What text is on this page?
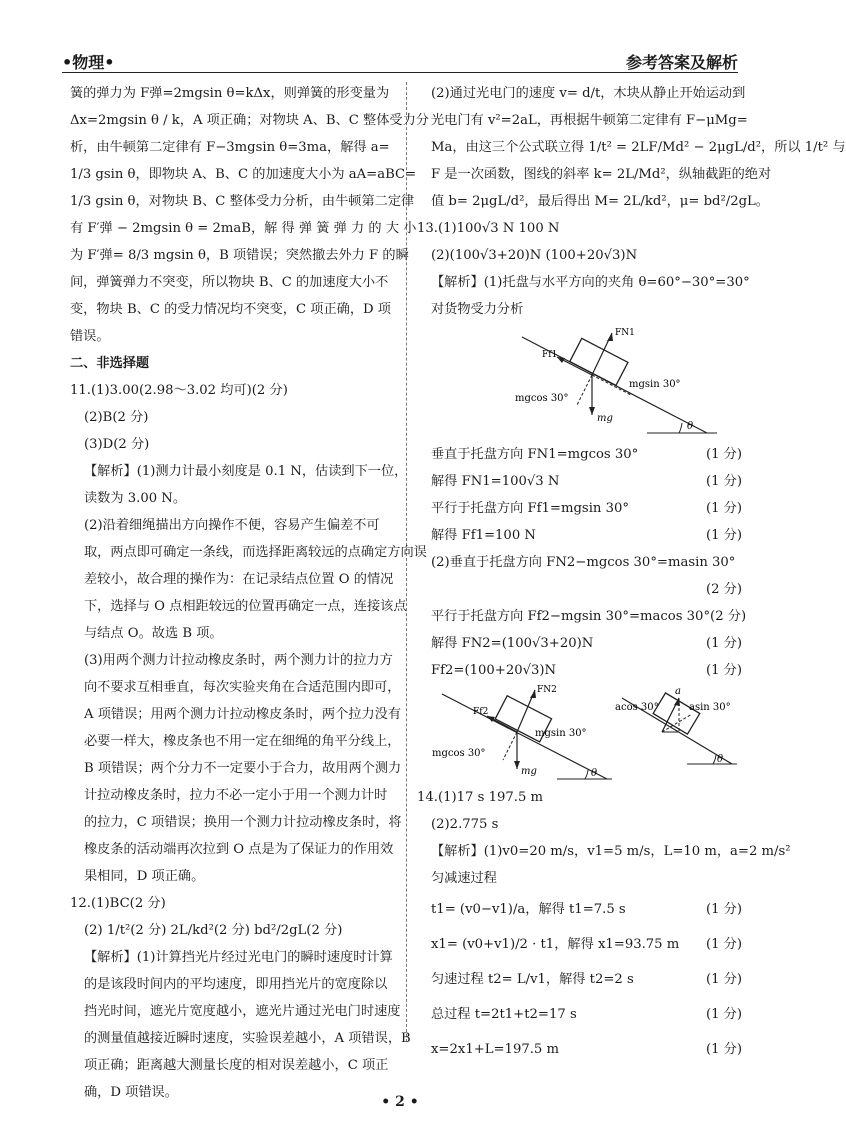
•物理•	参考答案及解析
簧的弹力为 F弹=2mgsin θ=kΔx，则弹簧的形变量为
Δx=2mgsin θ / k，A 项正确；对物块 A、B、C 整体受力分
析，由牛顿第二定律有 F−3mgsin θ=3ma，解得 a=
1/3 gsin θ，即物块 A、B、C 的加速度大小为 aA=aBC=
1/3 gsin θ，对物块 B、C 整体受力分析，由牛顿第二定律
有 F′弹 − 2mgsin θ = 2maB，解 得 弹 簧 弹 力 的 大 小
为 F′弹= 8/3 mgsin θ，B 项错误；突然撤去外力 F 的瞬
间，弹簧弹力不突变，所以物块 B、C 的加速度大小不
变，物块 B、C 的受力情况均不突变，C 项正确，D 项
错误。
二、非选择题
11.(1)3.00(2.98～3.02 均可)(2 分)
(2)B(2 分)
(3)D(2 分)
【解析】(1)测力计最小刻度是 0.1 N，估读到下一位，
读数为 3.00 N。
(2)沿着细绳描出方向操作不便，容易产生偏差不可
取，两点即可确定一条线，而选择距离较远的点确定方向误
差较小，故合理的操作为：在记录结点位置 O 的情况
下，选择与 O 点相距较远的位置再确定一点，连接该点
与结点 O。故选 B 项。
(3)用两个测力计拉动橡皮条时，两个测力计的拉力方
向不要求互相垂直，每次实验夹角在合适范围内即可，
A 项错误；用两个测力计拉动橡皮条时，两个拉力没有
必要一样大，橡皮条也不用一定在细绳的角平分线上，
B 项错误；两个分力不一定要小于合力，故用两个测力
计拉动橡皮条时，拉力不必一定小于用一个测力计时
的拉力，C 项错误；换用一个测力计拉动橡皮条时，将
橡皮条的活动端再次拉到 O 点是为了保证力的作用效
果相同，D 项正确。
12.(1)BC(2 分)
(2) 1/t²(2 分) 2L/kd²(2 分) bd²/2gL(2 分)
【解析】(1)计算挡光片经过光电门的瞬时速度时计算
的是该段时间内的平均速度，即用挡光片的宽度除以
挡光时间，遮光片宽度越小，遮光片通过光电门时速度
的测量值越接近瞬时速度，实验误差越小，A 项错误，B
项正确；距离越大测量长度的相对误差越小，C 项正
确，D 项错误。
(2)通过光电门的速度 v= d/t，木块从静止开始运动到
光电门有 v²=2aL，再根据牛顿第二定律有 F−μMg=
Ma，由这三个公式联立得 1/t² = 2LF/Md² − 2μgL/d²，所以 1/t² 与
F 是一次函数，图线的斜率 k= 2L/Md²，纵轴截距的绝对
值 b= 2μgL/d²，最后得出 M= 2L/kd²，μ= bd²/2gL。
13.(1)100√3 N 100 N
(2)(100√3+20)N (100+20√3)N
【解析】(1)托盘与水平方向的夹角 θ=60°−30°=30°
对货物受力分析
FN1
Ff1
mgsin 30°
mgcos 30°
mg
θ
垂直于托盘方向 FN1=mgcos 30°	(1 分)
解得 FN1=100√3 N	(1 分)
平行于托盘方向 Ff1=mgsin 30°	(1 分)
解得 Ff1=100 N	(1 分)
(2)垂直于托盘方向 FN2−mgcos 30°=masin 30°
(2 分)
平行于托盘方向 Ff2−mgsin 30°=macos 30° (2 分)
解得 FN2=(100√3+20)N	(1 分)
Ff2=(100+20√3)N	(1 分)
FN2
Ff2
mgsin 30°
mgcos 30°
mg	θ
a
acos 30°	asin 30°
θ
14.(1)17 s 197.5 m
(2)2.775 s
【解析】(1)v0=20 m/s，v1=5 m/s，L=10 m，a=2 m/s²
匀减速过程
t1= (v0−v1)/a，解得 t1=7.5 s	(1 分)
x1= (v0+v1)/2 · t1，解得 x1=93.75 m (1 分)
匀速过程 t2= L/v1，解得 t2=2 s	(1 分)
总过程 t=2t1+t2=17 s	(1 分)
x=2x1+L=197.5 m	(1 分)
• 2 •
